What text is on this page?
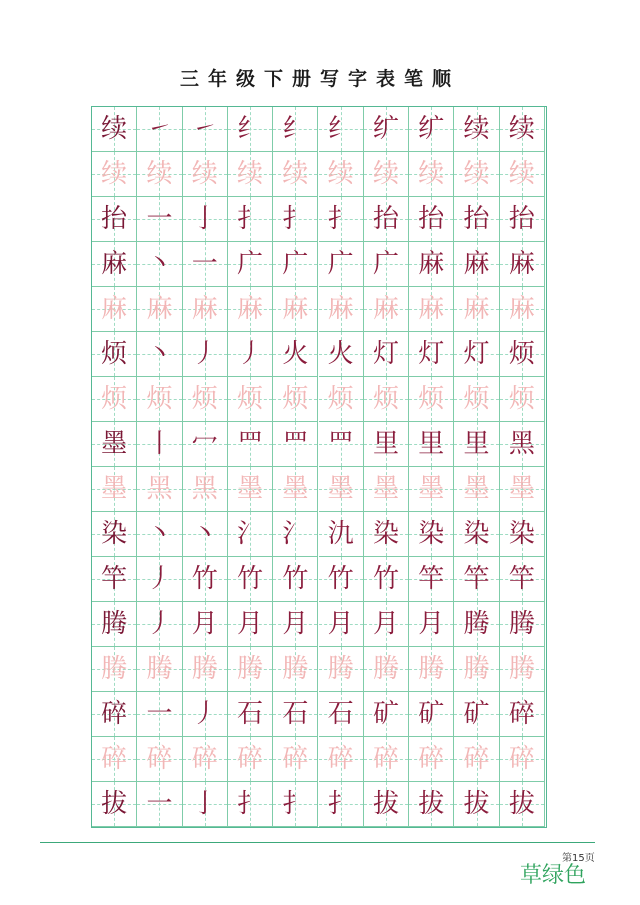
三年级下册写字表笔顺
续 ㇀ ㇀ 纟 纟 纟 纩 纩 续 续
续 续 续 续 续 续 续 续 续 续
抬 一 亅 扌 扌 扌 抬 抬 抬 抬
麻 丶 一 广 广 广 广 麻 麻 麻
麻 麻 麻 麻 麻 麻 麻 麻 麻 麻
烦 丶 丿 丿 火 火 灯 灯 灯 烦
烦 烦 烦 烦 烦 烦 烦 烦 烦 烦
墨 丨 冖 罒 罒 罒 里 里 里 黑
墨 黑 黑 墨 墨 墨 墨 墨 墨 墨
染 丶 丶 氵 氵 氿 染 染 染 染
竿 丿 竹 竹 竹 竹 竹 竿 竿 竿
腾 丿 月 月 月 月 月 月 腾 腾
腾 腾 腾 腾 腾 腾 腾 腾 腾 腾
碎 一 丿 石 石 石 矿 矿 矿 碎
碎 碎 碎 碎 碎 碎 碎 碎 碎 碎
拔 一 亅 扌 扌 扌 拔 拔 拔 拔
第15页
草绿色
